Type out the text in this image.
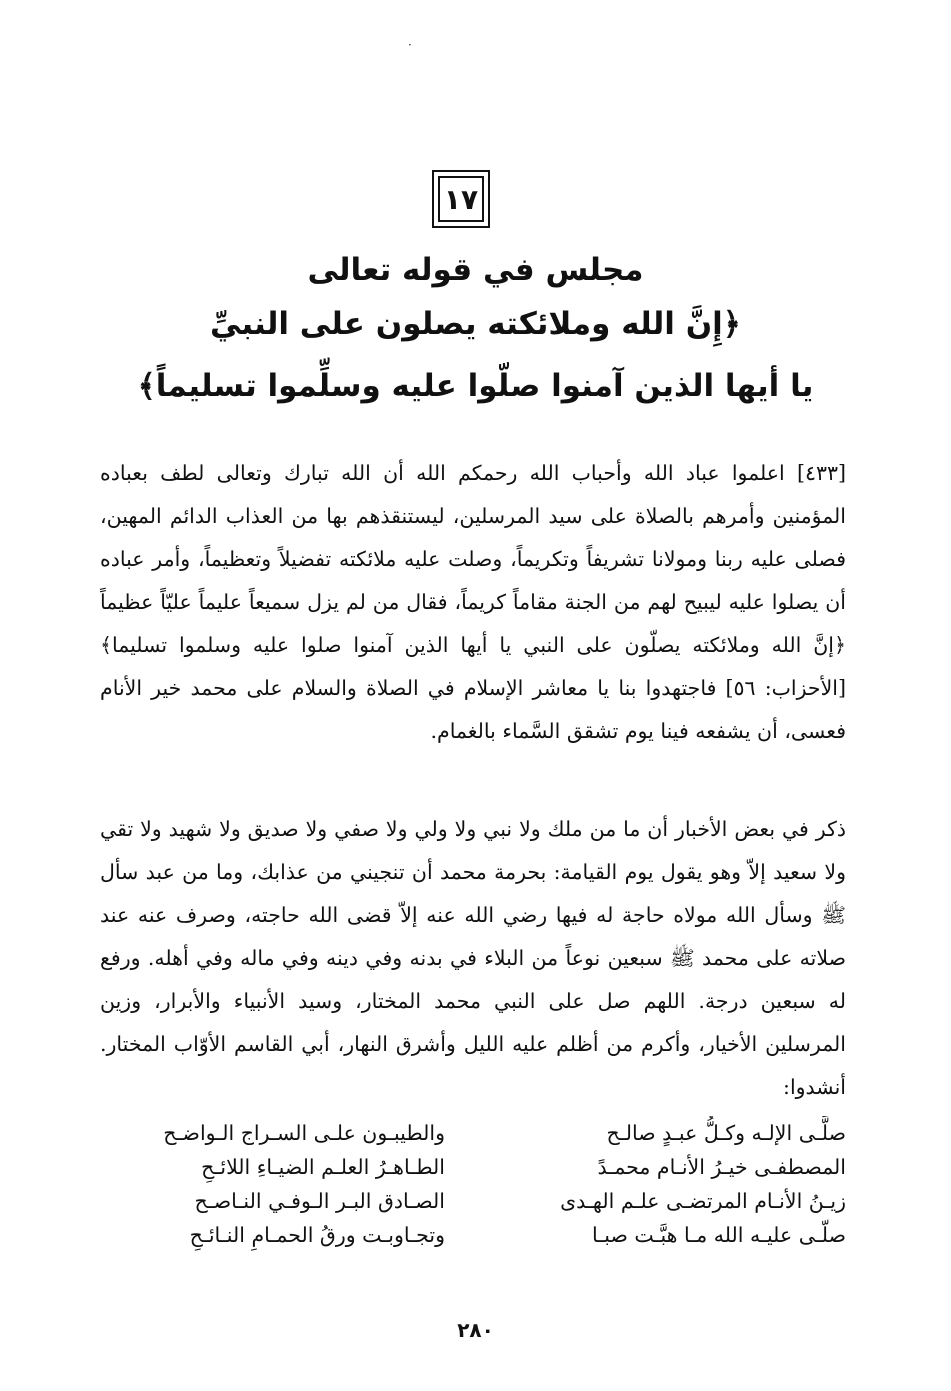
·
١٧
مجلس في قوله تعالى
﴿إِنَّ الله وملائكته يصلون على النبيِّ
يا أيها الذين آمنوا صلّوا عليه وسلِّموا تسليماً﴾
[٤٣٣] اعلموا عباد الله وأحباب الله رحمكم الله أن الله تبارك وتعالى لطف بعباده المؤمنين وأمرهم بالصلاة على سيد المرسلين، ليستنقذهم بها من العذاب الدائم المهين، فصلى عليه ربنا ومولانا تشريفاً وتكريماً، وصلت عليه ملائكته تفضيلاً وتعظيماً، وأمر عباده أن يصلوا عليه ليبيح لهم من الجنة مقاماً كريماً، فقال من لم يزل سميعاً عليماً عليّاً عظيماً ﴿إنَّ الله وملائكته يصلّون على النبي يا أيها الذين آمنوا صلوا عليه وسلموا تسليما﴾ [الأحزاب: ٥٦] فاجتهدوا بنا يا معاشر الإسلام في الصلاة والسلام على محمد خير الأنام فعسى، أن يشفعه فينا يوم تشقق السَّماء بالغمام.
ذكر في بعض الأخبار أن ما من ملك ولا نبي ولا ولي ولا صفي ولا صديق ولا شهيد ولا تقي ولا سعيد إلاّ وهو يقول يوم القيامة: بحرمة محمد أن تنجيني من عذابك، وما من عبد سأل ﷺ وسأل الله مولاه حاجة له فيها رضي الله عنه إلاّ قضى الله حاجته، وصرف عنه عند صلاته على محمد ﷺ سبعين نوعاً من البلاء في بدنه وفي دينه وفي ماله وفي أهله. ورفع له سبعين درجة. اللهم صل على النبي محمد المختار، وسيد الأنبياء والأبرار، وزين المرسلين الأخيار، وأكرم من أظلم عليه الليل وأشرق النهار، أبي القاسم الأوّاب المختار. أنشدوا:
صلَّـى الإلـه وكـلُّ عبـدٍ صالـح
والطيبـون علـى السـراج الـواضـح
المصطفـى خيـرُ الأنـام محمـدً
الطـاهـرُ العلـم الضيـاءِ اللائـحِ
زيـنُ الأنـام المرتضـى علـم الهـدى
الصـادق البـر الـوفـي النـاصـح
صلّـى عليـه الله مـا هبَّـت صبـا
وتجـاوبـت ورقُ الحمـامِ النـائـحِ
٢٨٠
